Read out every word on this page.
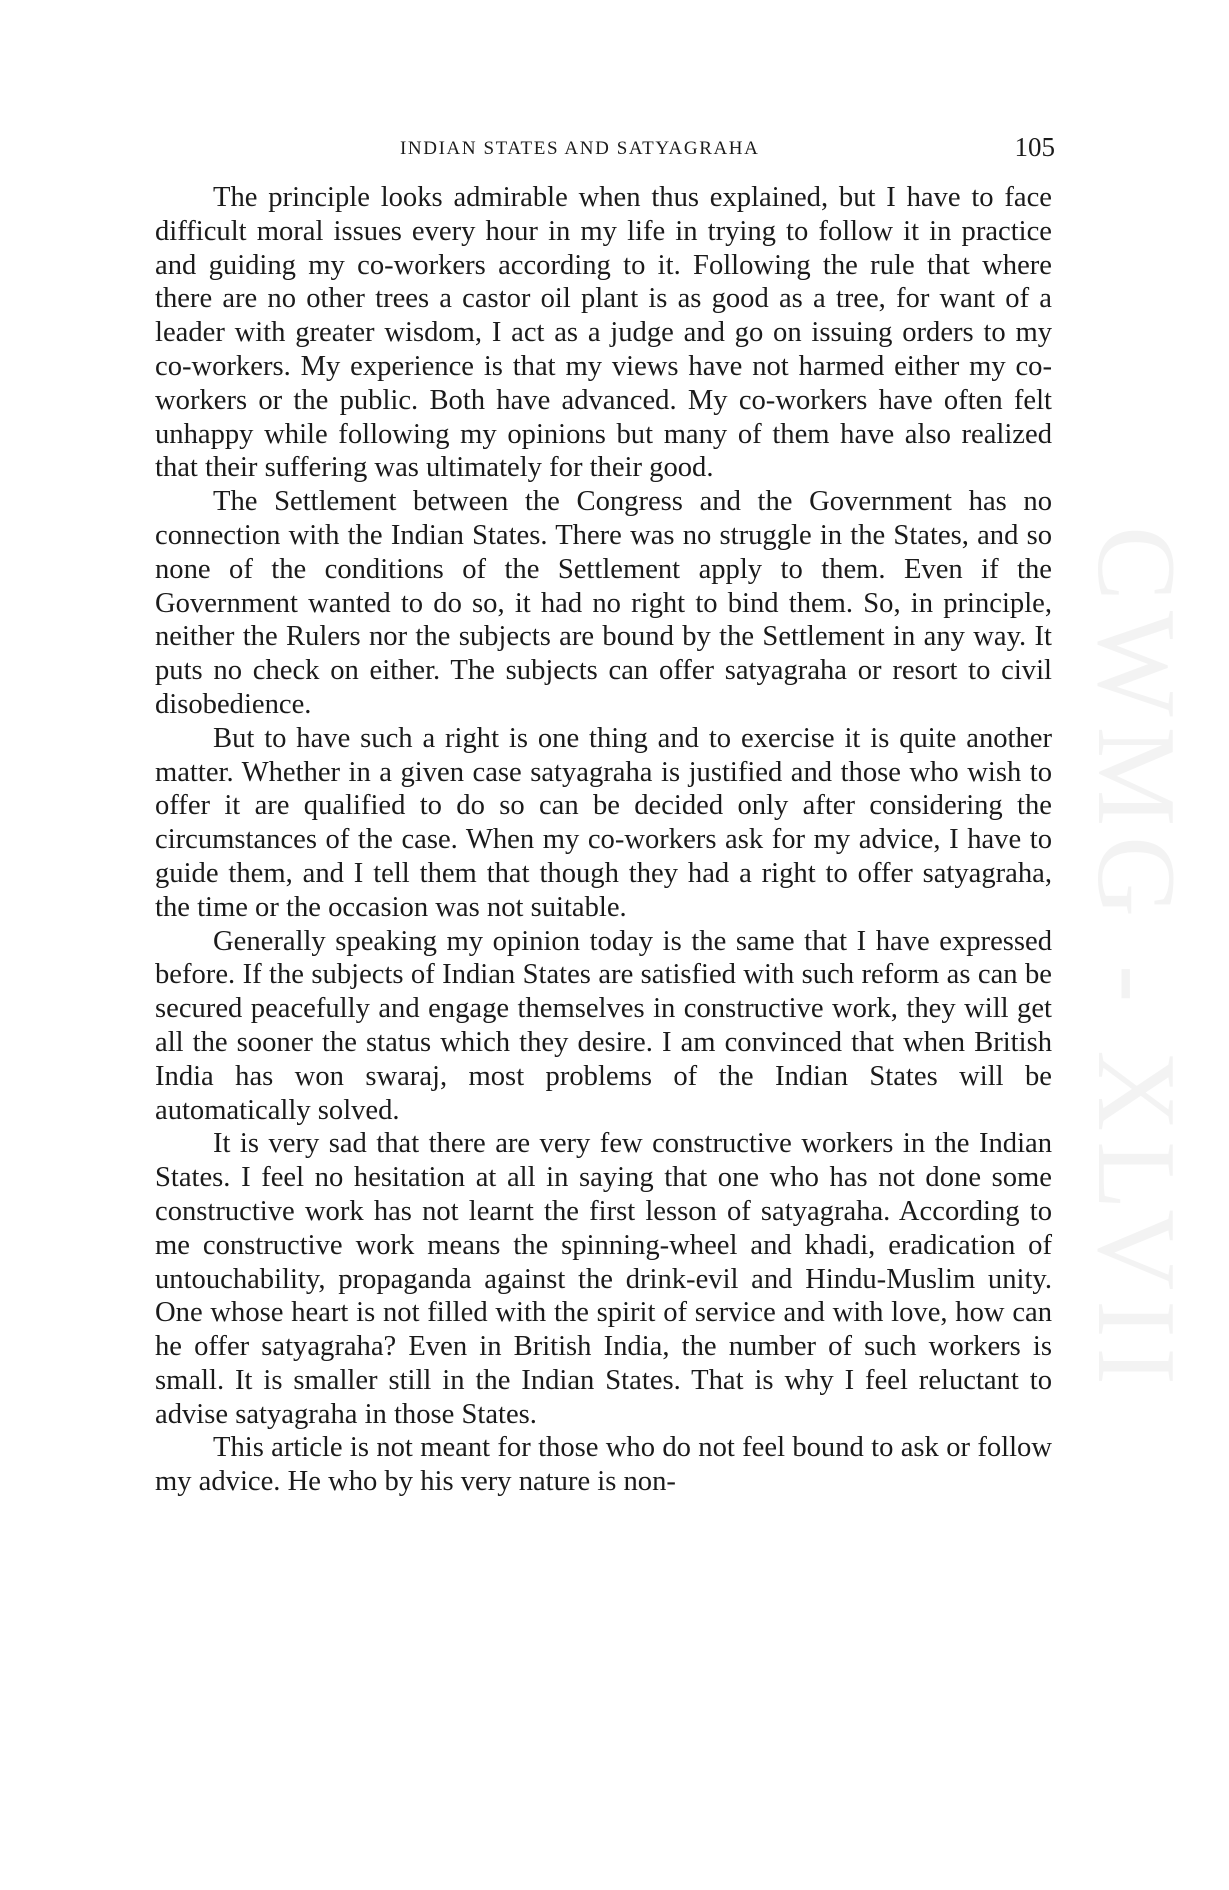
CWMG - XLVII
INDIAN STATES AND SATYAGRAHA	105

The principle looks admirable when thus explained, but I have to face difficult moral issues every hour in my life in trying to follow it in practice and guiding my co-workers according to it. Following the rule that where there are no other trees a castor oil plant is as good as a tree, for want of a leader with greater wisdom, I act as a judge and go on issuing orders to my co-workers. My experience is that my views have not harmed either my co-workers or the public. Both have advanced. My co-workers have often felt unhappy while following my opinions but many of them have also realized that their suffering was ultimately for their good.

The Settlement between the Congress and the Government has no connection with the Indian States. There was no struggle in the States, and so none of the conditions of the Settlement apply to them. Even if the Government wanted to do so, it had no right to bind them. So, in principle, neither the Rulers nor the subjects are bound by the Settlement in any way. It puts no check on either. The subjects can offer satyagraha or resort to civil disobedience.

But to have such a right is one thing and to exercise it is quite another matter. Whether in a given case satyagraha is justified and those who wish to offer it are qualified to do so can be decided only after considering the circumstances of the case. When my co-workers ask for my advice, I have to guide them, and I tell them that though they had a right to offer satyagraha, the time or the occasion was not suitable.

Generally speaking my opinion today is the same that I have expressed before. If the subjects of Indian States are satisfied with such reform as can be secured peacefully and engage themselves in constructive work, they will get all the sooner the status which they desire. I am convinced that when British India has won swaraj, most problems of the Indian States will be automatically solved.

It is very sad that there are very few constructive workers in the Indian States. I feel no hesitation at all in saying that one who has not done some constructive work has not learnt the first lesson of satyagraha. According to me constructive work means the spinning-wheel and khadi, eradication of untouchability, propaganda against the drink-evil and Hindu-Muslim unity. One whose heart is not filled with the spirit of service and with love, how can he offer satyagraha? Even in British India, the number of such workers is small. It is smaller still in the Indian States. That is why I feel reluctant to advise satyagraha in those States.

This article is not meant for those who do not feel bound to ask or follow my advice. He who by his very nature is non-
